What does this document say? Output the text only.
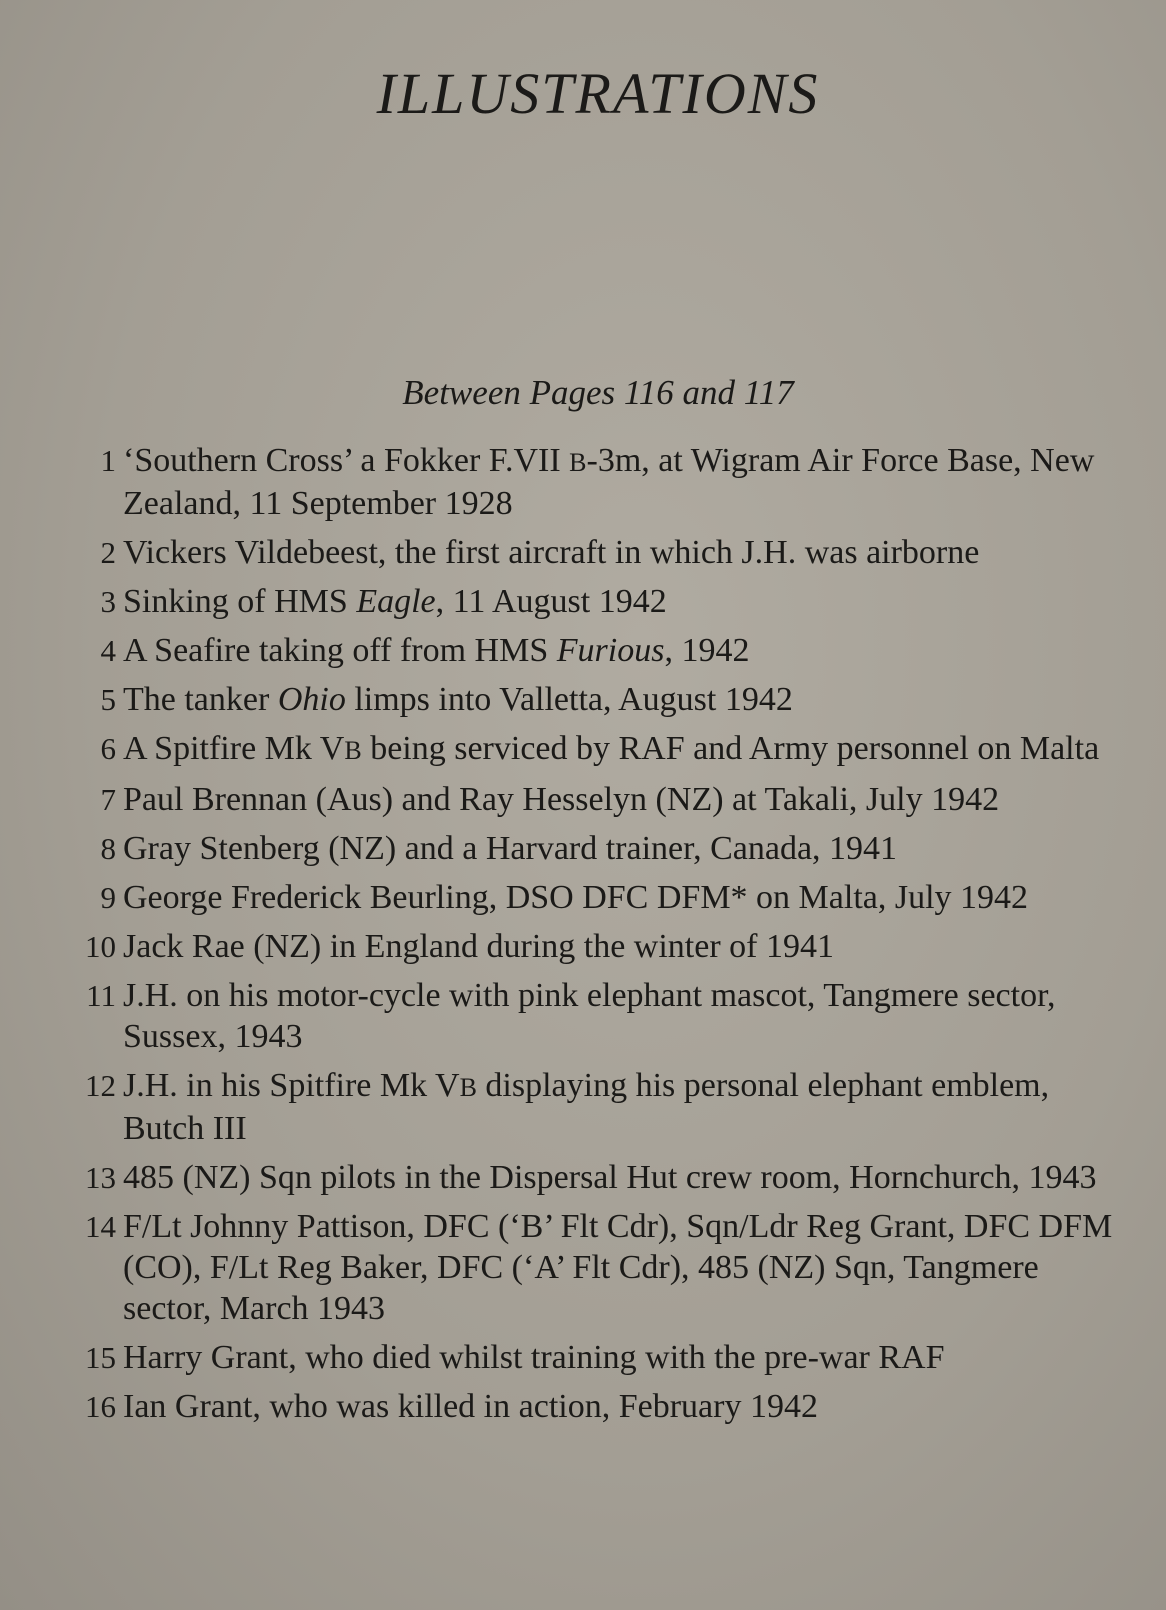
ILLUSTRATIONS
Between Pages 116 and 117
1 ‘Southern Cross’ a Fokker F.VII B-3m, at Wigram Air Force Base, New Zealand, 11 September 1928
2 Vickers Vildebeest, the first aircraft in which J.H. was airborne
3 Sinking of HMS Eagle, 11 August 1942
4 A Seafire taking off from HMS Furious, 1942
5 The tanker Ohio limps into Valletta, August 1942
6 A Spitfire Mk VB being serviced by RAF and Army personnel on Malta
7 Paul Brennan (Aus) and Ray Hesselyn (NZ) at Takali, July 1942
8 Gray Stenberg (NZ) and a Harvard trainer, Canada, 1941
9 George Frederick Beurling, DSO DFC DFM* on Malta, July 1942
10 Jack Rae (NZ) in England during the winter of 1941
11 J.H. on his motor-cycle with pink elephant mascot, Tangmere sector, Sussex, 1943
12 J.H. in his Spitfire Mk VB displaying his personal elephant emblem, Butch III
13 485 (NZ) Sqn pilots in the Dispersal Hut crew room, Hornchurch, 1943
14 F/Lt Johnny Pattison, DFC (‘B’ Flt Cdr), Sqn/Ldr Reg Grant, DFC DFM (CO), F/Lt Reg Baker, DFC (‘A’ Flt Cdr), 485 (NZ) Sqn, Tangmere sector, March 1943
15 Harry Grant, who died whilst training with the pre-war RAF
16 Ian Grant, who was killed in action, February 1942
